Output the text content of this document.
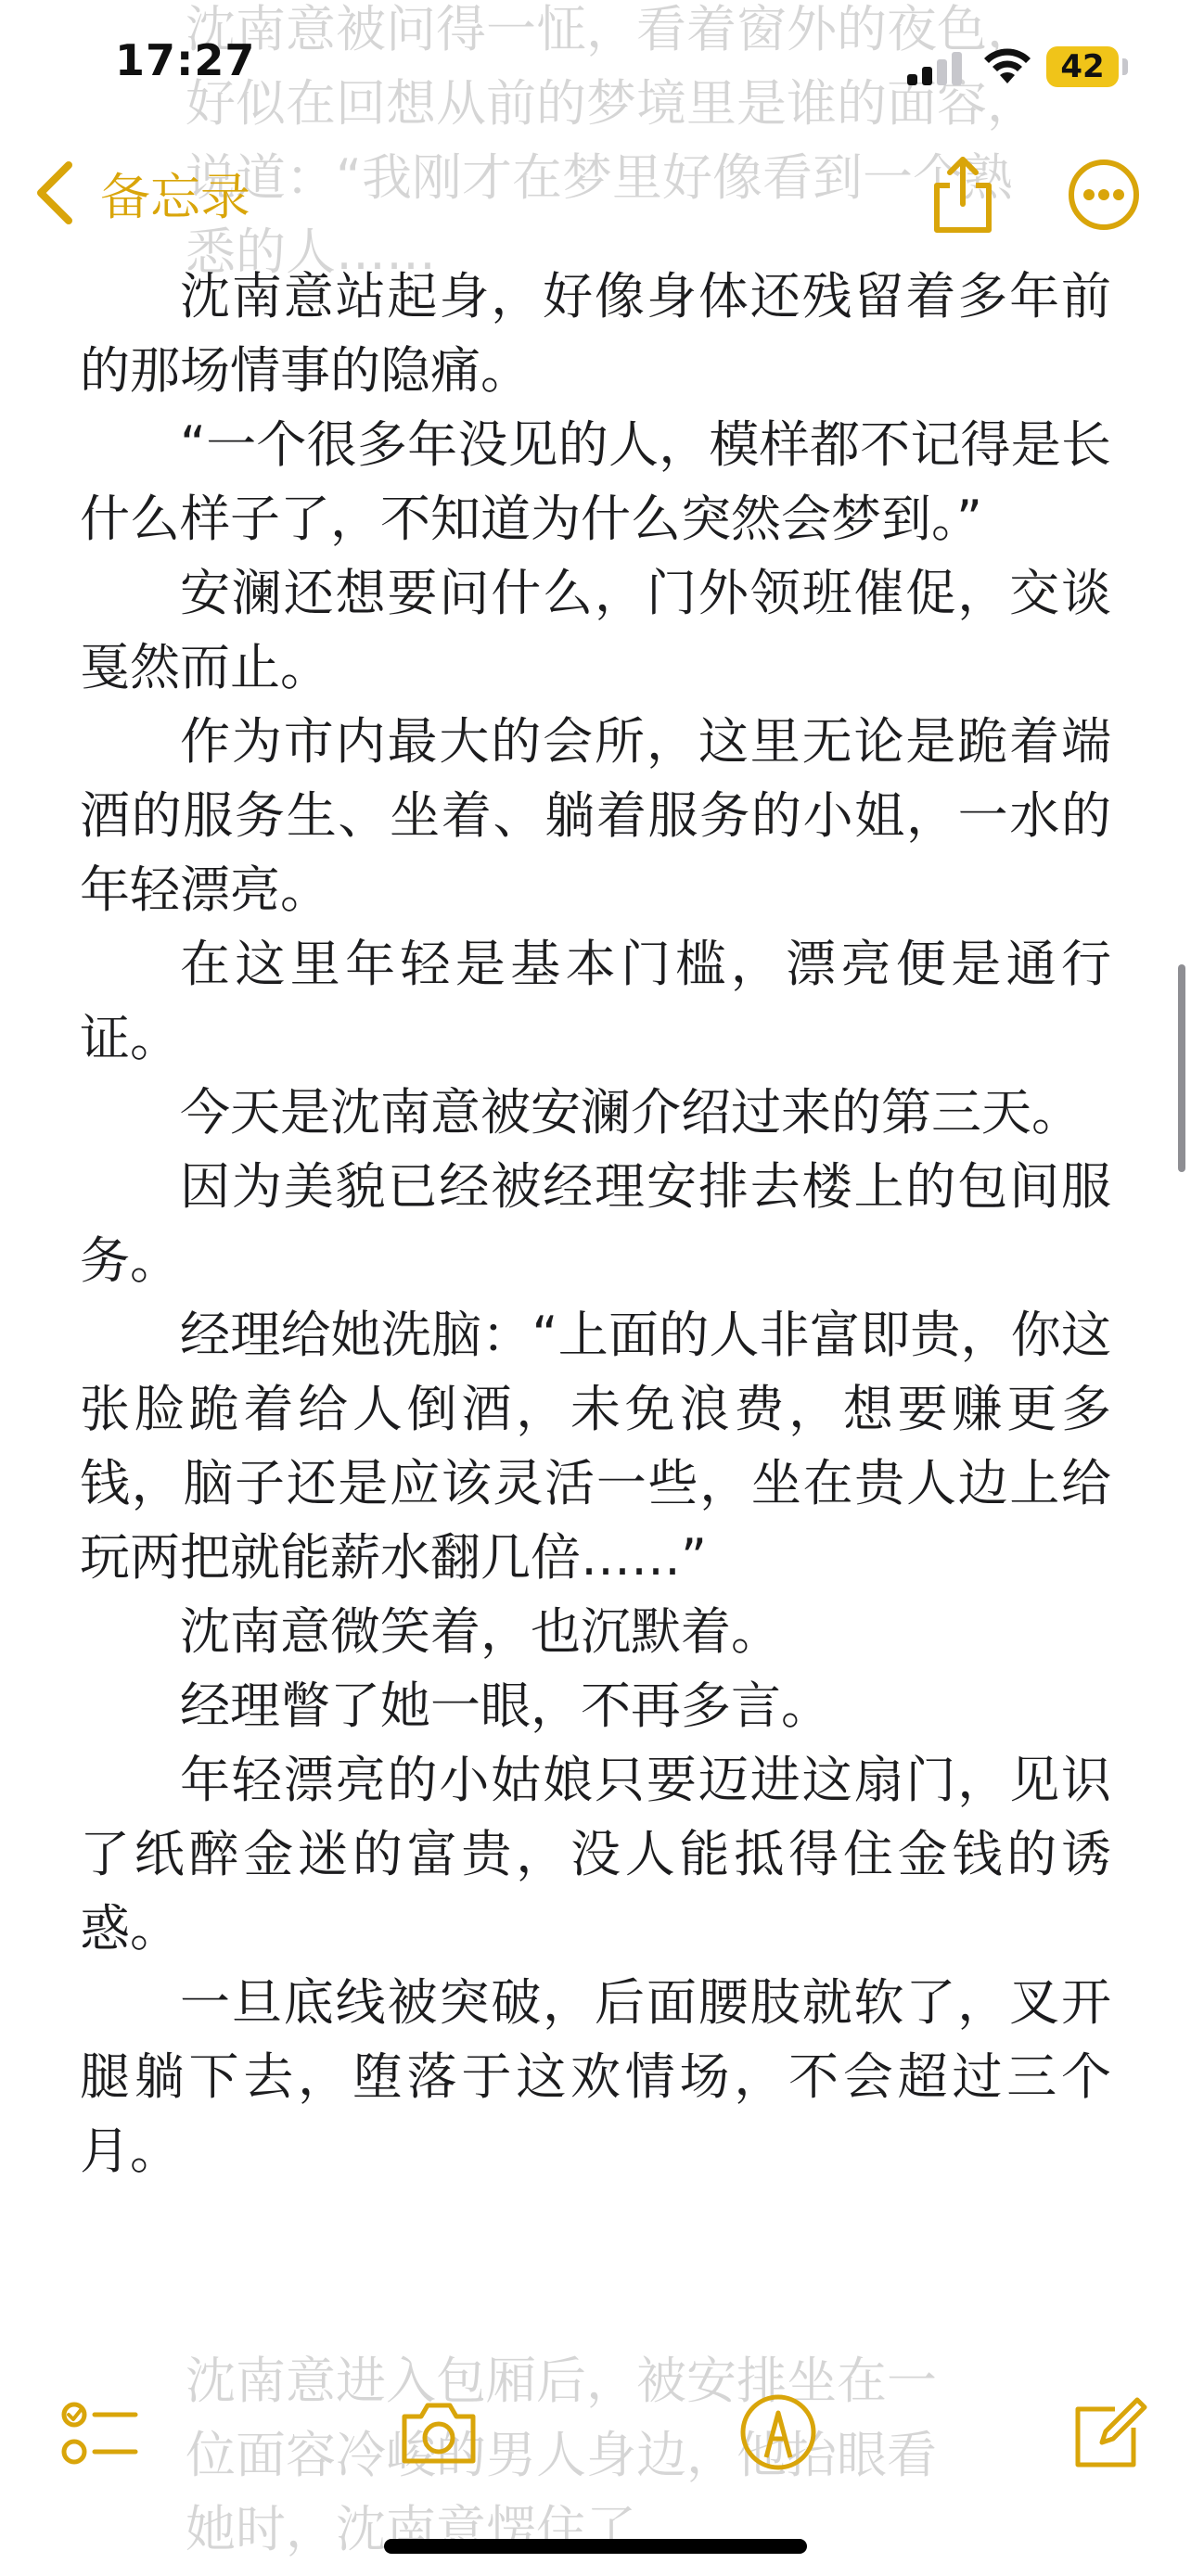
沈南意被问得一怔，看着窗外的夜色，
好似在回想从前的梦境里是谁的面容，
说道：“我刚才在梦里好像看到一个熟
悉的人……
17:27	42
备忘录

沈南意站起身，好像身体还残留着多年前的那场情事的隐痛。

“一个很多年没见的人，模样都不记得是长什么样子了，不知道为什么突然会梦到。”

安澜还想要问什么，门外领班催促，交谈戛然而止。

作为市内最大的会所，这里无论是跪着端酒的服务生、坐着、躺着服务的小姐，一水的年轻漂亮。

在这里年轻是基本门槛，漂亮便是通行证。

今天是沈南意被安澜介绍过来的第三天。

因为美貌已经被经理安排去楼上的包间服务。

经理给她洗脑：“上面的人非富即贵，你这张脸跪着给人倒酒，未免浪费，想要赚更多钱，脑子还是应该灵活一些，坐在贵人边上给玩两把就能薪水翻几倍……”

沈南意微笑着，也沉默着。

经理瞥了她一眼，不再多言。

年轻漂亮的小姑娘只要迈进这扇门，见识了纸醉金迷的富贵，没人能抵得住金钱的诱惑。

一旦底线被突破，后面腰肢就软了，叉开腿躺下去，堕落于这欢情场，不会超过三个月。

沈南意进入包厢后，被安排坐在一
位面容冷峻的男人身边，他抬眼看
她时，沈南意愣住了……
